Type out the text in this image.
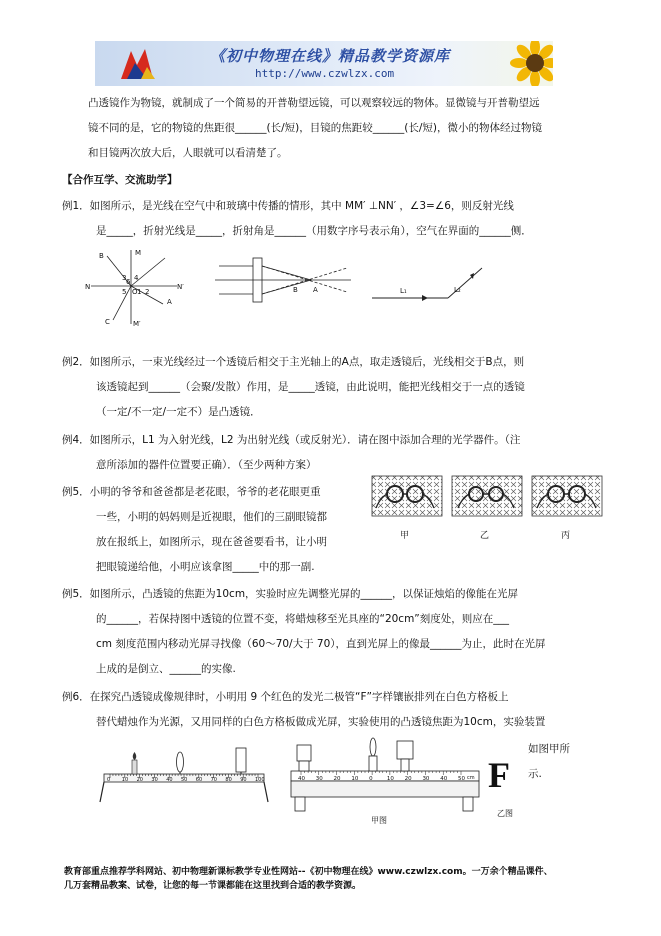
《初中物理在线》精品教学资源库
http://www.czwlzx.com
凸透镜作为物镜，就制成了一个简易的开普勒望远镜，可以观察较远的物体。显微镜与开普勒望远
镜不同的是，它的物镜的焦距很______(长/短)，目镜的焦距较______(长/短)，微小的物体经过物镜
和目镜两次放大后，人眼就可以看清楚了。
【合作互学、交流助学】
例1．如图所示，是光线在空气中和玻璃中传播的情形，其中 MM′ ⊥NN′ ，∠3=∠6，则反射光线
是_____，折射光线是_____，折射角是______（用数字序号表示角），空气在界面的______侧．
B	M
A
N	N′
C	M′
O
3 4
5
6
1 2	B A	L₁	L₂
例2．如图所示，一束光线经过一个透镜后相交于主光轴上的A点，取走透镜后，光线相交于B点，则
该透镜起到______（会聚/发散）作用，是_____透镜，由此说明，能把光线相交于一点的透镜
（一定/不一定/一定不）是凸透镜．
例4．如图所示，L1 为入射光线，L2 为出射光线（或反射光）．请在图中添加合理的光学器件。（注
意所添加的器件位置要正确）．（至少两种方案）
例5．小明的爷爷和爸爸都是老花眼，爷爷的老花眼更重
一些，小明的妈妈则是近视眼，他们的三副眼镜都
放在报纸上，如图所示，现在爸爸要看书，让小明
把眼镜递给他，小明应该拿图_____中的那一副.
甲	乙	丙
例5．如图所示，凸透镜的焦距为10cm，实验时应先调整光屏的______，以保证烛焰的像能在光屏
的______，若保持图中透镜的位置不变，将蜡烛移至光具座的“20cm”刻度处，则应在___
cm 刻度范围内移动光屏寻找像（60～70/大于 70），直到光屏上的像最______为止，此时在光屏
上成的是倒立、______的实像.
例6．在探究凸透镜成像规律时，小明用 9 个红色的发光二极管“F”字样镶嵌排列在白色方格板上
替代蜡烛作为光源，又用同样的白色方格板做成光屏，实验使用的凸透镜焦距为10cm，实验装置
如图甲所
示.
0 10 20 30 40 50 60 70 80 90 100	40 30 20 10 0	10 20 30 40 50 cm
甲图
F
乙图
教育部重点推荐学科网站、初中物理新课标教学专业性网站--《初中物理在线》www.czwlzx.com。一万余个精品课件、
几万套精品教案、试卷，让您的每一节课都能在这里找到合适的教学资源。
